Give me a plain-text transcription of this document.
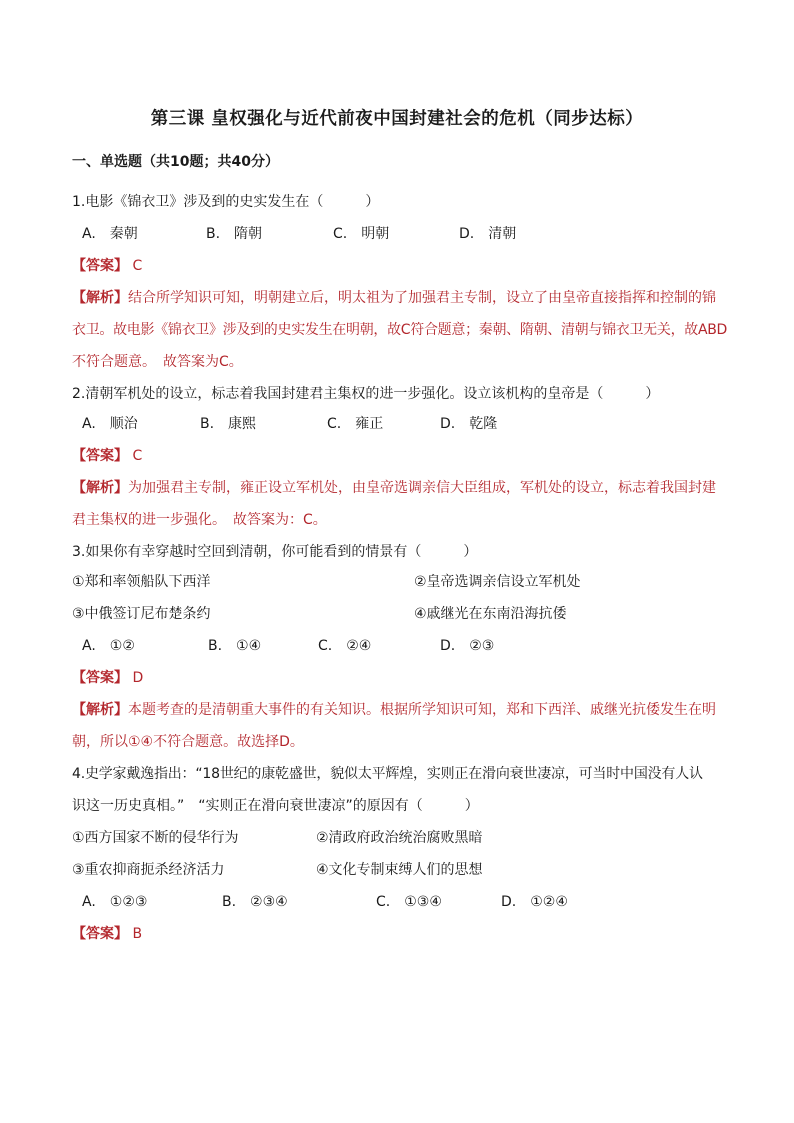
第三课 皇权强化与近代前夜中国封建社会的危机（同步达标）
一、单选题（共10题；共40分）
1.电影《锦衣卫》涉及到的史实发生在（　　　）
A.　秦朝	B.　隋朝	C.　明朝	D.　清朝
【答案】 C
【解析】结合所学知识可知，明朝建立后，明太祖为了加强君主专制，设立了由皇帝直接指挥和控制的锦
衣卫。故电影《锦衣卫》涉及到的史实发生在明朝，故C符合题意；秦朝、隋朝、清朝与锦衣卫无关，故ABD
不符合题意。　故答案为C。
2.清朝军机处的设立，标志着我国封建君主集权的进一步强化。设立该机构的皇帝是（　　　）
A.　顺治	B.　康熙	C.　雍正	D.　乾隆
【答案】 C
【解析】为加强君主专制，雍正设立军机处，由皇帝选调亲信大臣组成，军机处的设立，标志着我国封建
君主集权的进一步强化。　故答案为：C。
3.如果你有幸穿越时空回到清朝，你可能看到的情景有（　　　）
①郑和率领船队下西洋	②皇帝选调亲信设立军机处
③中俄签订尼布楚条约	④戚继光在东南沿海抗倭
A.　①②	B.　①④	C.　②④	D.　②③
【答案】 D
【解析】本题考查的是清朝重大事件的有关知识。根据所学知识可知，郑和下西洋、戚继光抗倭发生在明
朝，所以①④不符合题意。故选择D。
4.史学家戴逸指出：“18世纪的康乾盛世，貌似太平辉煌，实则正在滑向衰世凄凉，可当时中国没有人认
识这一历史真相。”　“实则正在滑向衰世凄凉”的原因有（　　　）
①西方国家不断的侵华行为	②清政府政治统治腐败黑暗
③重农抑商扼杀经济活力	④文化专制束缚人们的思想
A.　①②③	B.　②③④	C.　①③④	D.　①②④
【答案】 B
